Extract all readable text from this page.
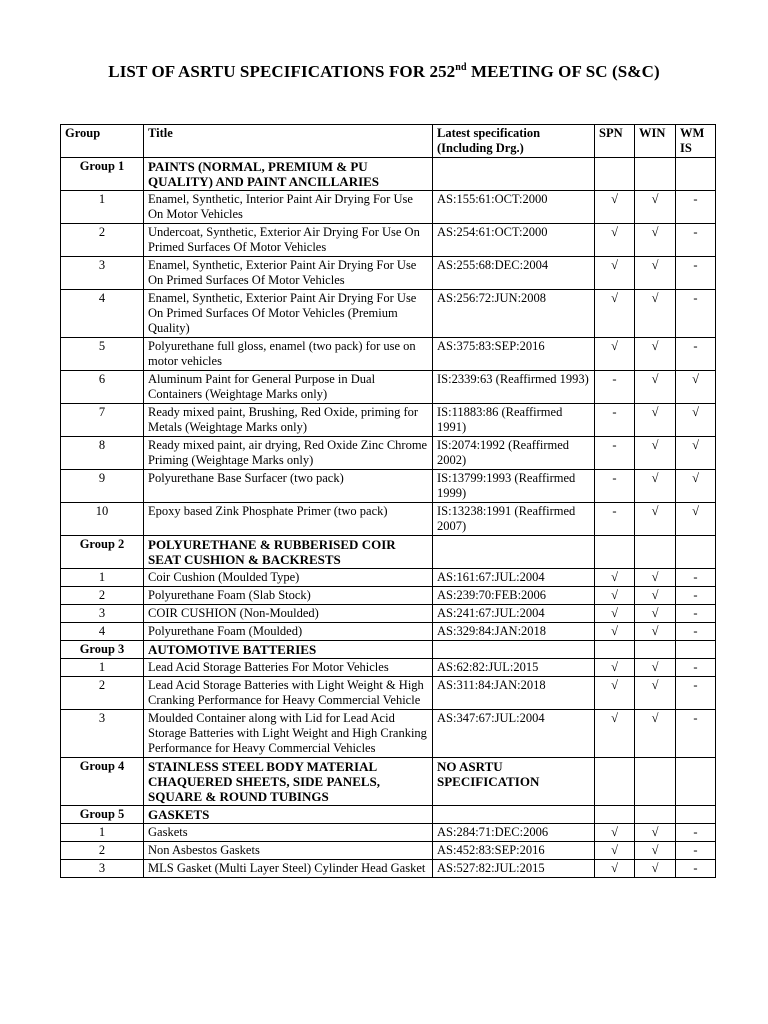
LIST OF ASRTU SPECIFICATIONS FOR 252nd MEETING OF SC (S&C)
Group	Title	Latest specification (Including Drg.)	SPN	WIN	WM IS
Group 1	PAINTS (NORMAL, PREMIUM & PU QUALITY) AND PAINT ANCILLARIES				
1	Enamel, Synthetic, Interior Paint Air Drying For Use On Motor Vehicles	AS:155:61:OCT:2000	√	√	-
2	Undercoat, Synthetic, Exterior Air Drying For Use On Primed Surfaces Of Motor Vehicles	AS:254:61:OCT:2000	√	√	-
3	Enamel, Synthetic, Exterior Paint Air Drying For Use On Primed Surfaces Of Motor Vehicles	AS:255:68:DEC:2004	√	√	-
4	Enamel, Synthetic, Exterior Paint Air Drying For Use On Primed Surfaces Of Motor Vehicles (Premium Quality)	AS:256:72:JUN:2008	√	√	-
5	Polyurethane full gloss, enamel (two pack) for use on motor vehicles	AS:375:83:SEP:2016	√	√	-
6	Aluminum Paint for General Purpose in Dual Containers (Weightage Marks only)	IS:2339:63 (Reaffirmed 1993)	-	√	√
7	Ready mixed paint, Brushing, Red Oxide, priming for Metals (Weightage Marks only)	IS:11883:86 (Reaffirmed 1991)	-	√	√
8	Ready mixed paint, air drying, Red Oxide Zinc Chrome Priming (Weightage Marks only)	IS:2074:1992 (Reaffirmed 2002)	-	√	√
9	Polyurethane Base Surfacer (two pack)	IS:13799:1993 (Reaffirmed 1999)	-	√	√
10	Epoxy based Zink Phosphate Primer (two pack)	IS:13238:1991 (Reaffirmed 2007)	-	√	√
Group 2	POLYURETHANE & RUBBERISED COIR SEAT CUSHION & BACKRESTS				
1	Coir Cushion (Moulded Type)	AS:161:67:JUL:2004	√	√	-
2	Polyurethane Foam (Slab Stock)	AS:239:70:FEB:2006	√	√	-
3	COIR CUSHION (Non-Moulded)	AS:241:67:JUL:2004	√	√	-
4	Polyurethane Foam (Moulded)	AS:329:84:JAN:2018	√	√	-
Group 3	AUTOMOTIVE BATTERIES				
1	Lead Acid Storage Batteries For Motor Vehicles	AS:62:82:JUL:2015	√	√	-
2	Lead Acid Storage Batteries with Light Weight & High Cranking Performance for Heavy Commercial Vehicle	AS:311:84:JAN:2018	√	√	-
3	Moulded Container along with Lid for Lead Acid Storage Batteries with Light Weight and High Cranking Performance for Heavy Commercial Vehicles	AS:347:67:JUL:2004	√	√	-
Group 4	STAINLESS STEEL BODY MATERIAL CHAQUERED SHEETS, SIDE PANELS, SQUARE & ROUND TUBINGS	NO ASRTU SPECIFICATION			
Group 5	GASKETS				
1	Gaskets	AS:284:71:DEC:2006	√	√	-
2	Non Asbestos Gaskets	AS:452:83:SEP:2016	√	√	-
3	MLS Gasket (Multi Layer Steel) Cylinder Head Gasket	AS:527:82:JUL:2015	√	√	-
